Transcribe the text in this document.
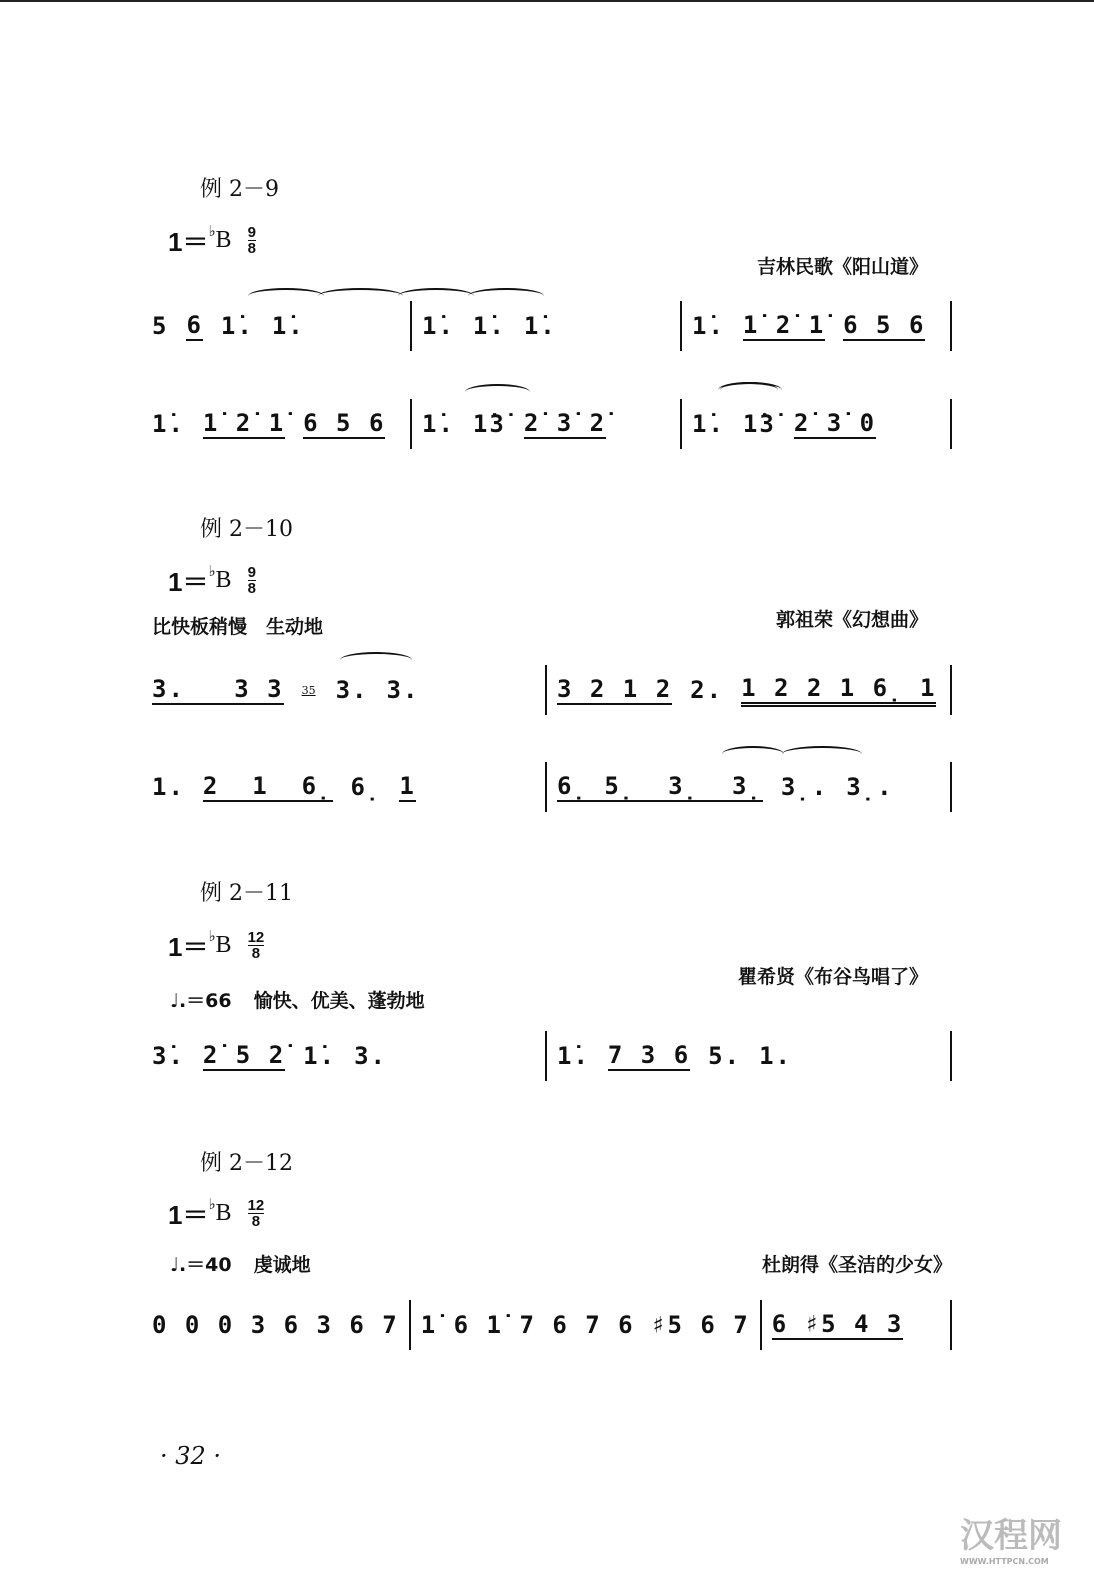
例 2－9
1＝ ♭ B $\frac{9}{8}$
吉林民歌《阳山道》
5 6 1̇. 1̇.	1̇. 1̇. 1̇.	1̇. 1̇ 2̇ 1̇ 6 5 6
1̇. 1̇ 2̇ 1̇ 6 5 6 1̇. 1̇3̇ 2̇ 3̇ 2̇	1̇. 1̇3̇ 2̇ 3̇ 0
例 2－10
1＝ ♭ B $\frac{9}{8}$
比快板稍慢　生动地	郭祖荣《幻想曲》
3.   3 3 35 3. 3.	3 2 1 2 2. 1 2 2 1 6̣ 1
1. 2  1  6̣ 6̣ 1	6̣ 5̣  3̣  3̣ 3̣. 3̣.
例 2－11
1＝ ♭ B $\frac{12}{8}$
♩.＝66 愉快、优美、蓬勃地
瞿希贤《布谷鸟唱了》
3̇. 2̇ 5 2̇ 1̇. 3.	1̇. 7 3 6 5. 1.
例 2－12
1＝ ♭ B $\frac{12}{8}$
♩.＝40 虔诚地	杜朗得《圣洁的少女》
0 0 0 3 6 3 6 7 1̇ 6 1̇ 7 6 7 6 ♯5 6 7 6 ♯5 4 3
· 32 ·
汉程网
WWW.HTTPCN.COM
